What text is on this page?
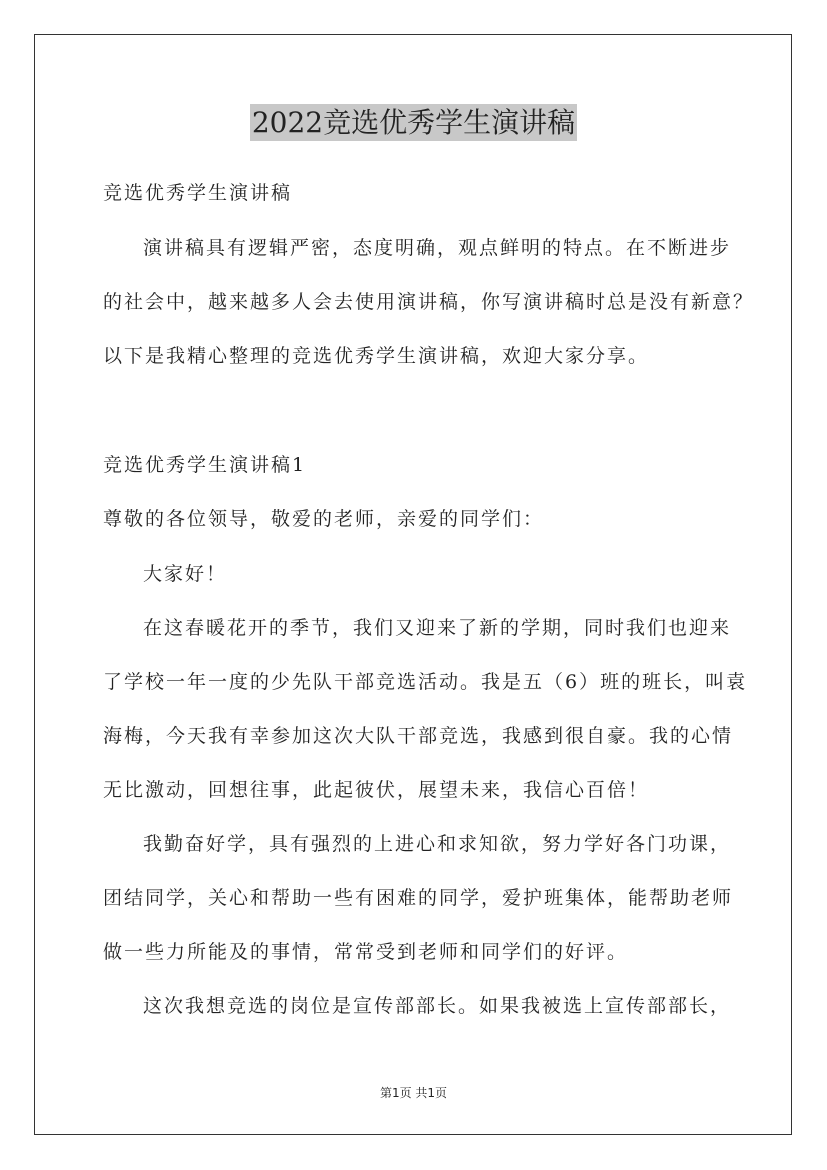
2022竞选优秀学生演讲稿
竞选优秀学生演讲稿
演讲稿具有逻辑严密，态度明确，观点鲜明的特点。在不断进步
的社会中，越来越多人会去使用演讲稿，你写演讲稿时总是没有新意？
以下是我精心整理的竞选优秀学生演讲稿，欢迎大家分享。
竞选优秀学生演讲稿1
尊敬的各位领导，敬爱的老师，亲爱的同学们：
大家好！
在这春暖花开的季节，我们又迎来了新的学期，同时我们也迎来
了学校一年一度的少先队干部竞选活动。我是五（6）班的班长，叫袁
海梅，今天我有幸参加这次大队干部竞选，我感到很自豪。我的心情
无比激动，回想往事，此起彼伏，展望未来，我信心百倍！
我勤奋好学，具有强烈的上进心和求知欲，努力学好各门功课，
团结同学，关心和帮助一些有困难的同学，爱护班集体，能帮助老师
做一些力所能及的事情，常常受到老师和同学们的好评。
这次我想竞选的岗位是宣传部部长。如果我被选上宣传部部长，
第1页 共1页
